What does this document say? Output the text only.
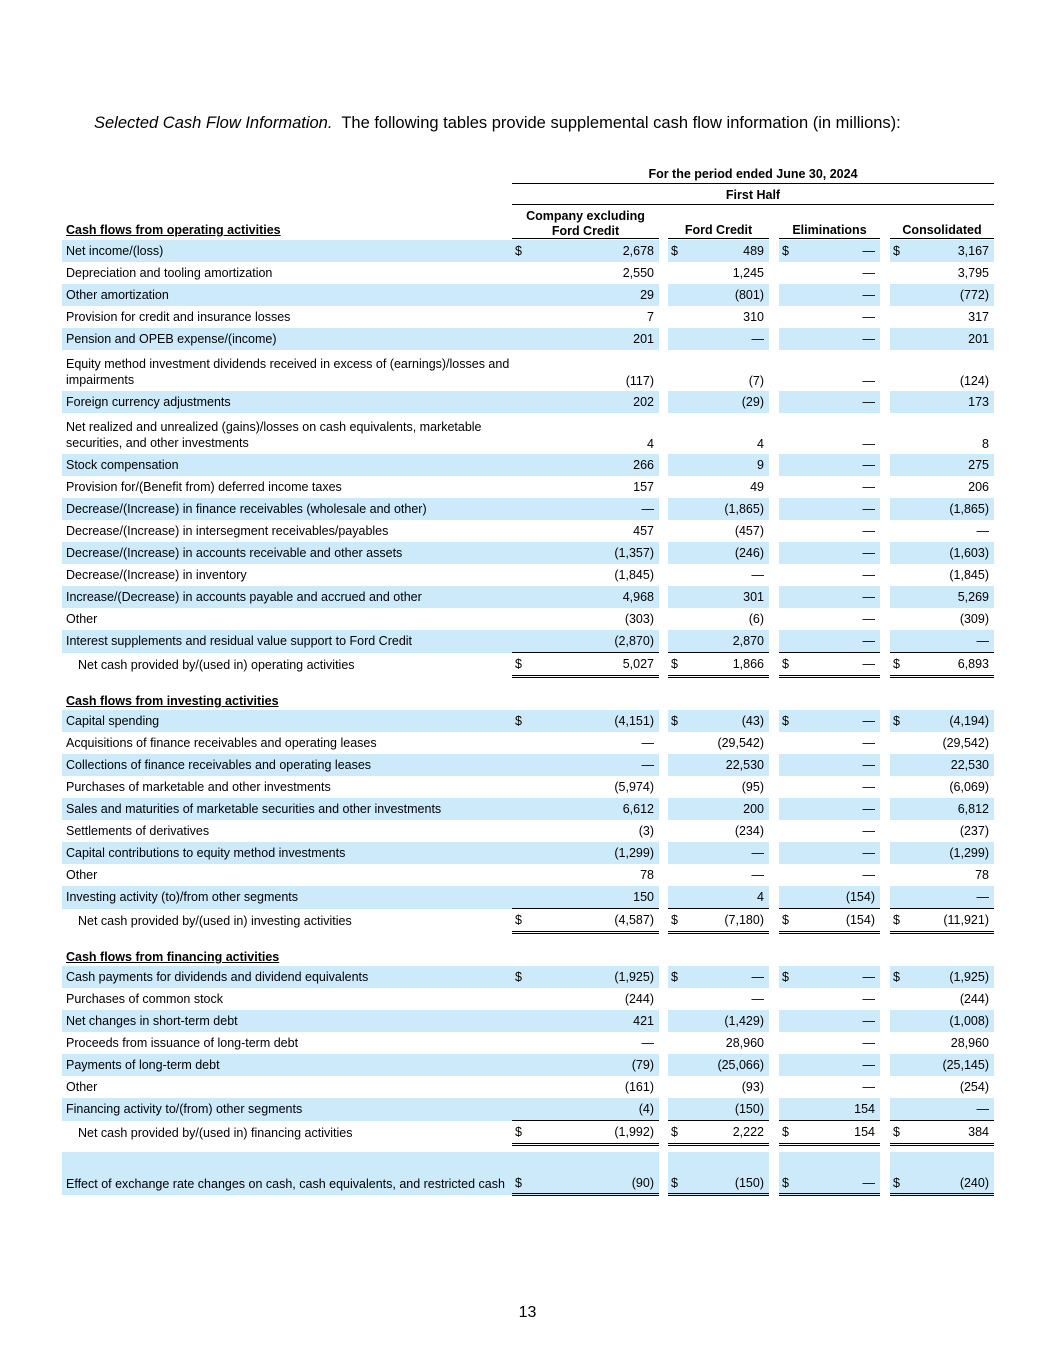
Selected Cash Flow Information. The following tables provide supplemental cash flow information (in millions):
For the period ended June 30, 2024
First Half
Company excluding Ford Credit	Ford Credit	Eliminations	Consolidated
Cash flows from operating activities
Net income/(loss)	$	2,678		$	489		$	—		$	3,167
Depreciation and tooling amortization		2,550			1,245			—			3,795
Other amortization		29			(801)			—			(772)
Provision for credit and insurance losses		7			310			—			317
Pension and OPEB expense/(income)		201			—			—			201
Equity method investment dividends received in excess of (earnings)/losses and impairments		(117)			(7)			—			(124)
Foreign currency adjustments		202			(29)			—			173
Net realized and unrealized (gains)/losses on cash equivalents, marketable securities, and other investments		4			4			—			8
Stock compensation		266			9			—			275
Provision for/(Benefit from) deferred income taxes		157			49			—			206
Decrease/(Increase) in finance receivables (wholesale and other)		—			(1,865)			—			(1,865)
Decrease/(Increase) in intersegment receivables/payables		457			(457)			—			—
Decrease/(Increase) in accounts receivable and other assets		(1,357)			(246)			—			(1,603)
Decrease/(Increase) in inventory		(1,845)			—			—			(1,845)
Increase/(Decrease) in accounts payable and accrued and other		4,968			301			—			5,269
Other		(303)			(6)			—			(309)
Interest supplements and residual value support to Ford Credit		(2,870)			2,870			—			—
Net cash provided by/(used in) operating activities	$	5,027		$	1,866		$	—		$	6,893
Cash flows from investing activities											
Capital spending	$	(4,151)		$	(43)		$	—		$	(4,194)
Acquisitions of finance receivables and operating leases		—			(29,542)			—			(29,542)
Collections of finance receivables and operating leases		—			22,530			—			22,530
Purchases of marketable and other investments		(5,974)			(95)			—			(6,069)
Sales and maturities of marketable securities and other investments		6,612			200			—			6,812
Settlements of derivatives		(3)			(234)			—			(237)
Capital contributions to equity method investments		(1,299)			—			—			(1,299)
Other		78			—			—			78
Investing activity (to)/from other segments		150			4			(154)			—
Net cash provided by/(used in) investing activities	$	(4,587)		$	(7,180)		$	(154)		$	(11,921)
Cash flows from financing activities											
Cash payments for dividends and dividend equivalents	$	(1,925)		$	—		$	—		$	(1,925)
Purchases of common stock		(244)			—			—			(244)
Net changes in short-term debt		421			(1,429)			—			(1,008)
Proceeds from issuance of long-term debt		—			28,960			—			28,960
Payments of long-term debt		(79)			(25,066)			—			(25,145)
Other		(161)			(93)			—			(254)
Financing activity to/(from) other segments		(4)			(150)			154			—
Net cash provided by/(used in) financing activities	$	(1,992)		$	2,222		$	154		$	384

Effect of exchange rate changes on cash, cash equivalents, and restricted cash	$	(90)		$	(150)		$	—		$	(240)
13
